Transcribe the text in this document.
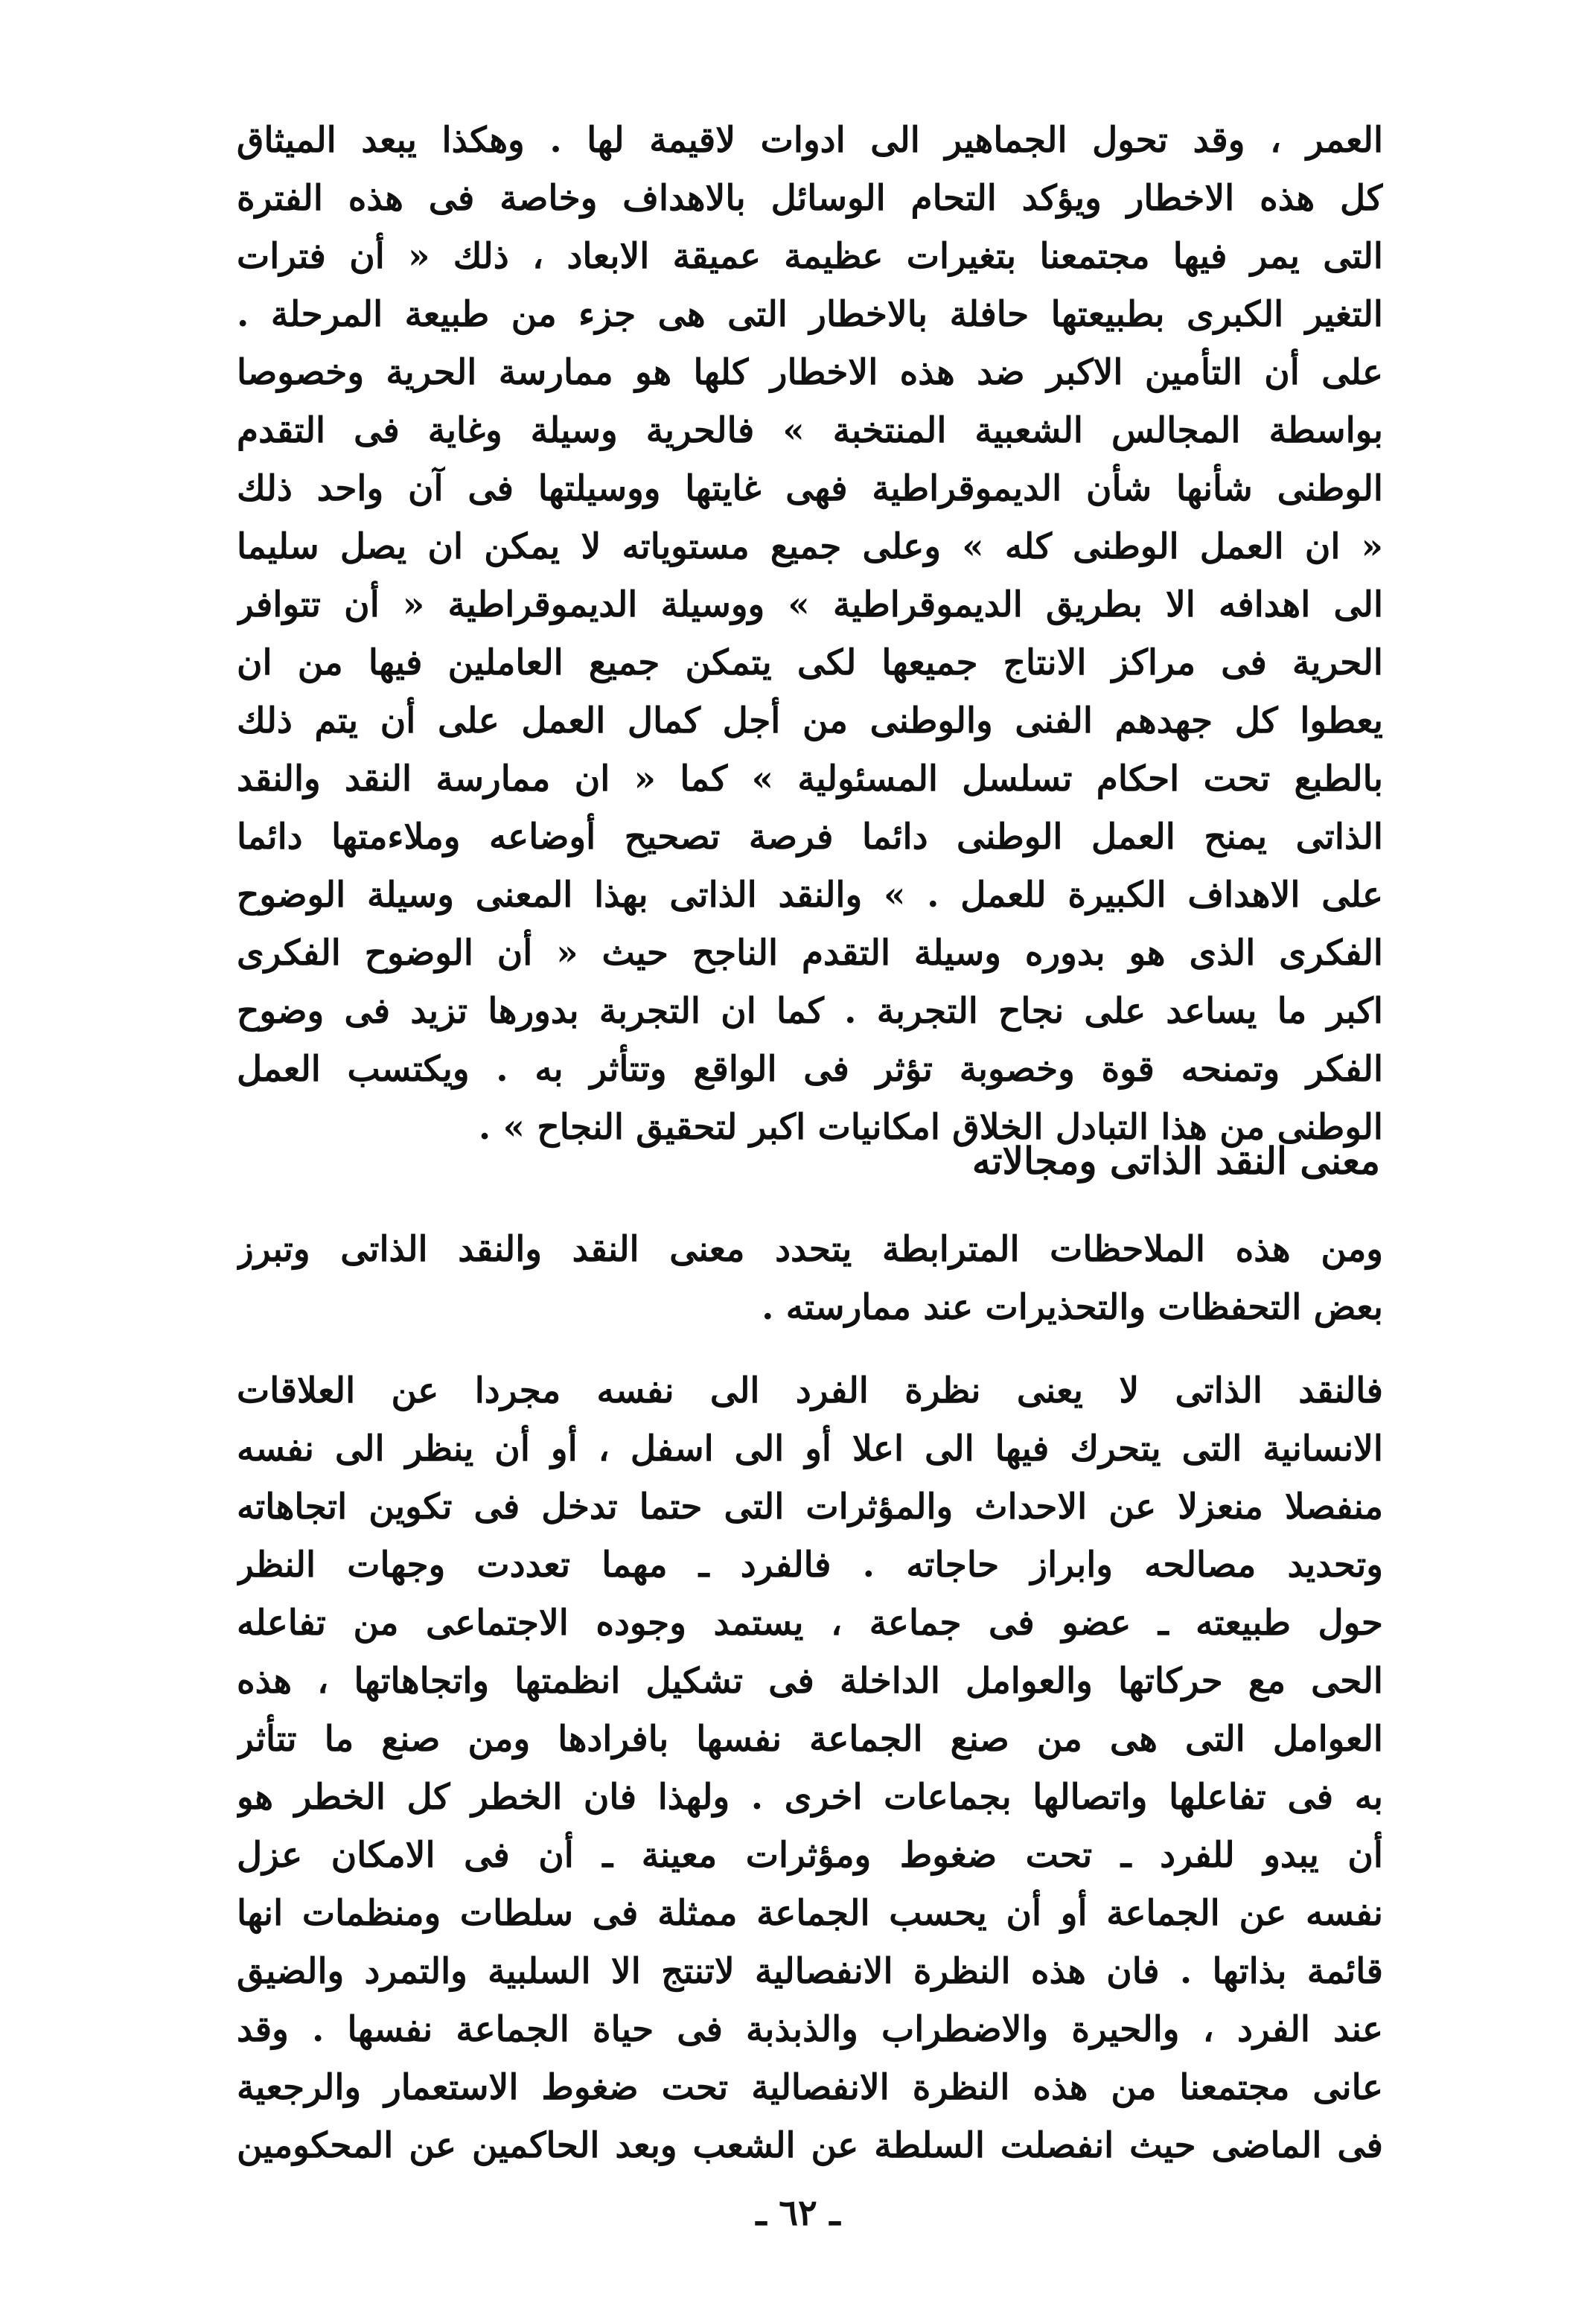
العمر ، وقد تحول الجماهير الى ادوات لاقيمة لها . وهكذا يبعد الميثاق
كل هذه الاخطار ويؤكد التحام الوسائل بالاهداف وخاصة فى هذه الفترة
التى يمر فيها مجتمعنا بتغيرات عظيمة عميقة الابعاد ، ذلك « أن فترات
التغير الكبرى بطبيعتها حافلة بالاخطار التى هى جزء من طبيعة المرحلة .
على أن التأمين الاكبر ضد هذه الاخطار كلها هو ممارسة الحرية وخصوصا
بواسطة المجالس الشعبية المنتخبة » فالحرية وسيلة وغاية فى التقدم
الوطنى شأنها شأن الديموقراطية فهى غايتها ووسيلتها فى آن واحد ذلك
« ان العمل الوطنى كله » وعلى جميع مستوياته لا يمكن ان يصل سليما
الى اهدافه الا بطريق الديموقراطية » ووسيلة الديموقراطية « أن تتوافر
الحرية فى مراكز الانتاج جميعها لكى يتمكن جميع العاملين فيها من ان
يعطوا كل جهدهم الفنى والوطنى من أجل كمال العمل على أن يتم ذلك
بالطبع تحت احكام تسلسل المسئولية » كما « ان ممارسة النقد والنقد
الذاتى يمنح العمل الوطنى دائما فرصة تصحيح أوضاعه وملاءمتها دائما
على الاهداف الكبيرة للعمل . » والنقد الذاتى بهذا المعنى وسيلة الوضوح
الفكرى الذى هو بدوره وسيلة التقدم الناجح حيث « أن الوضوح الفكرى
اكبر ما يساعد على نجاح التجربة . كما ان التجربة بدورها تزيد فى وضوح
الفكر وتمنحه قوة وخصوبة تؤثر فى الواقع وتتأثر به . ويكتسب العمل
الوطنى من هذا التبادل الخلاق امكانيات اكبر لتحقيق النجاح » .
معنى النقد الذاتى ومجالاته
ومن هذه الملاحظات المترابطة يتحدد معنى النقد والنقد الذاتى وتبرز
بعض التحفظات والتحذيرات عند ممارسته .
فالنقد الذاتى لا يعنى نظرة الفرد الى نفسه مجردا عن العلاقات
الانسانية التى يتحرك فيها الى اعلا أو الى اسفل ، أو أن ينظر الى نفسه
منفصلا منعزلا عن الاحداث والمؤثرات التى حتما تدخل فى تكوين اتجاهاته
وتحديد مصالحه وابراز حاجاته . فالفرد ـ مهما تعددت وجهات النظر
حول طبيعته ـ عضو فى جماعة ، يستمد وجوده الاجتماعى من تفاعله
الحى مع حركاتها والعوامل الداخلة فى تشكيل انظمتها واتجاهاتها ، هذه
العوامل التى هى من صنع الجماعة نفسها بافرادها ومن صنع ما تتأثر
به فى تفاعلها واتصالها بجماعات اخرى . ولهذا فان الخطر كل الخطر هو
أن يبدو للفرد ـ تحت ضغوط ومؤثرات معينة ـ أن فى الامكان عزل
نفسه عن الجماعة أو أن يحسب الجماعة ممثلة فى سلطات ومنظمات انها
قائمة بذاتها . فان هذه النظرة الانفصالية لاتنتج الا السلبية والتمرد والضيق
عند الفرد ، والحيرة والاضطراب والذبذبة فى حياة الجماعة نفسها . وقد
عانى مجتمعنا من هذه النظرة الانفصالية تحت ضغوط الاستعمار والرجعية
فى الماضى حيث انفصلت السلطة عن الشعب وبعد الحاكمين عن المحكومين
ـ ٦٢ ـ
